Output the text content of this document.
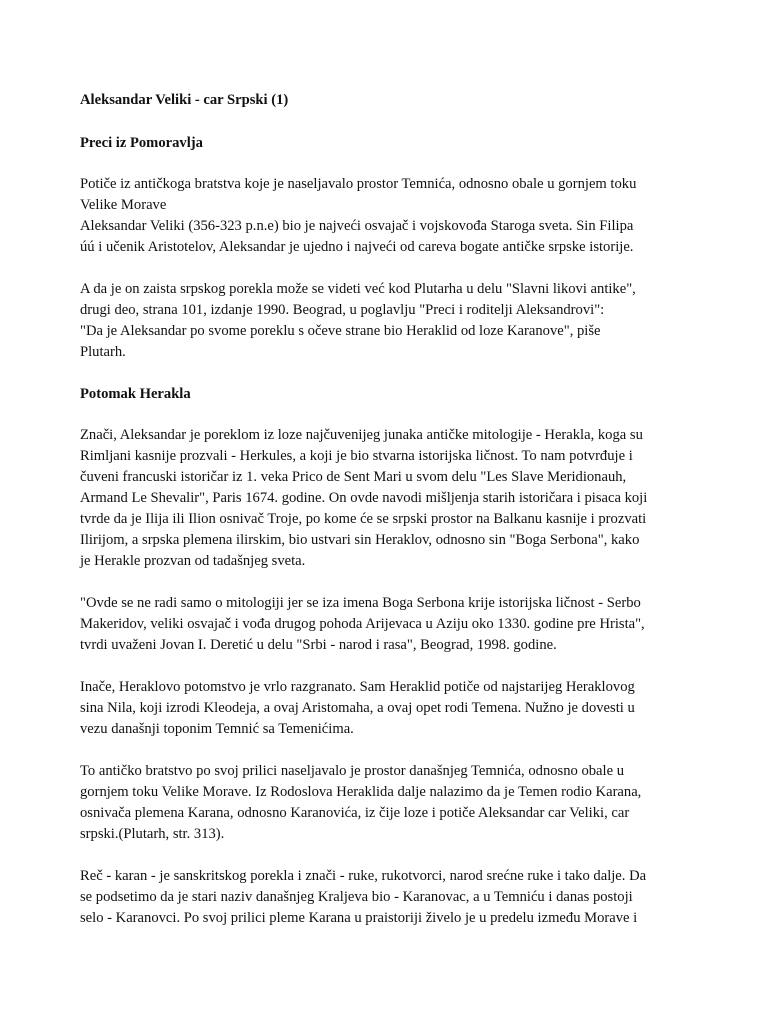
Aleksandar Veliki - car Srpski (1)
Preci iz Pomoravlja

Potiče iz antičkoga bratstva koje je naseljavalo prostor Temnića, odnosno obale u gornjem toku
Velike Morave
Aleksandar Veliki (356-323 p.n.e) bio je najveći osvajač i vojskovođa Staroga sveta. Sin Filipa
úú i učenik Aristotelov, Aleksandar je ujedno i najveći od careva bogate antičke srpske istorije.

A da je on zaista srpskog porekla može se videti već kod Plutarha u delu "Slavni likovi antike",
drugi deo, strana 101, izdanje 1990. Beograd, u poglavlju "Preci i roditelji Aleksandrovi":
"Da je Aleksandar po svome poreklu s očeve strane bio Heraklid od loze Karanove", piše
Plutarh.

Potomak Herakla

Znači, Aleksandar je poreklom iz loze najčuvenijeg junaka antičke mitologije - Herakla, koga su
Rimljani kasnije prozvali - Herkules, a koji je bio stvarna istorijska ličnost. To nam potvrđuje i
čuveni francuski istoričar iz 1. veka Prico de Sent Mari u svom delu "Les Slave Meridionauh,
Armand Le Shevalir", Paris 1674. godine. On ovde navodi mišljenja starih istoričara i pisaca koji
tvrde da je Ilija ili Ilion osnivač Troje, po kome će se srpski prostor na Balkanu kasnije i prozvati
Ilirijom, a srpska plemena ilirskim, bio ustvari sin Heraklov, odnosno sin "Boga Serbona", kako
je Herakle prozvan od tadašnjeg sveta.

"Ovde se ne radi samo o mitologiji jer se iza imena Boga Serbona krije istorijska ličnost - Serbo
Makeridov, veliki osvajač i vođa drugog pohoda Arijevaca u Aziju oko 1330. godine pre Hrista",
tvrdi uvaženi Jovan I. Deretić u delu "Srbi - narod i rasa", Beograd, 1998. godine.

Inače, Heraklovo potomstvo je vrlo razgranato. Sam Heraklid potiče od najstarijeg Heraklovog
sina Nila, koji izrodi Kleodeja, a ovaj Aristomaha, a ovaj opet rodi Temena. Nužno je dovesti u
vezu današnji toponim Temnić sa Temenićima.

To antičko bratstvo po svoj prilici naseljavalo je prostor današnjeg Temnića, odnosno obale u
gornjem toku Velike Morave. Iz Rodoslova Heraklida dalje nalazimo da je Temen rodio Karana,
osnivača plemena Karana, odnosno Karanovića, iz čije loze i potiče Aleksandar car Veliki, car
srpski.(Plutarh, str. 313).

Reč - karan - je sanskritskog porekla i znači - ruke, rukotvorci, narod srećne ruke i tako dalje. Da
se podsetimo da je stari naziv današnjeg Kraljeva bio - Karanovac, a u Temniću i danas postoji
selo - Karanovci. Po svoj prilici pleme Karana u praistoriji živelo je u predelu između Morave i
